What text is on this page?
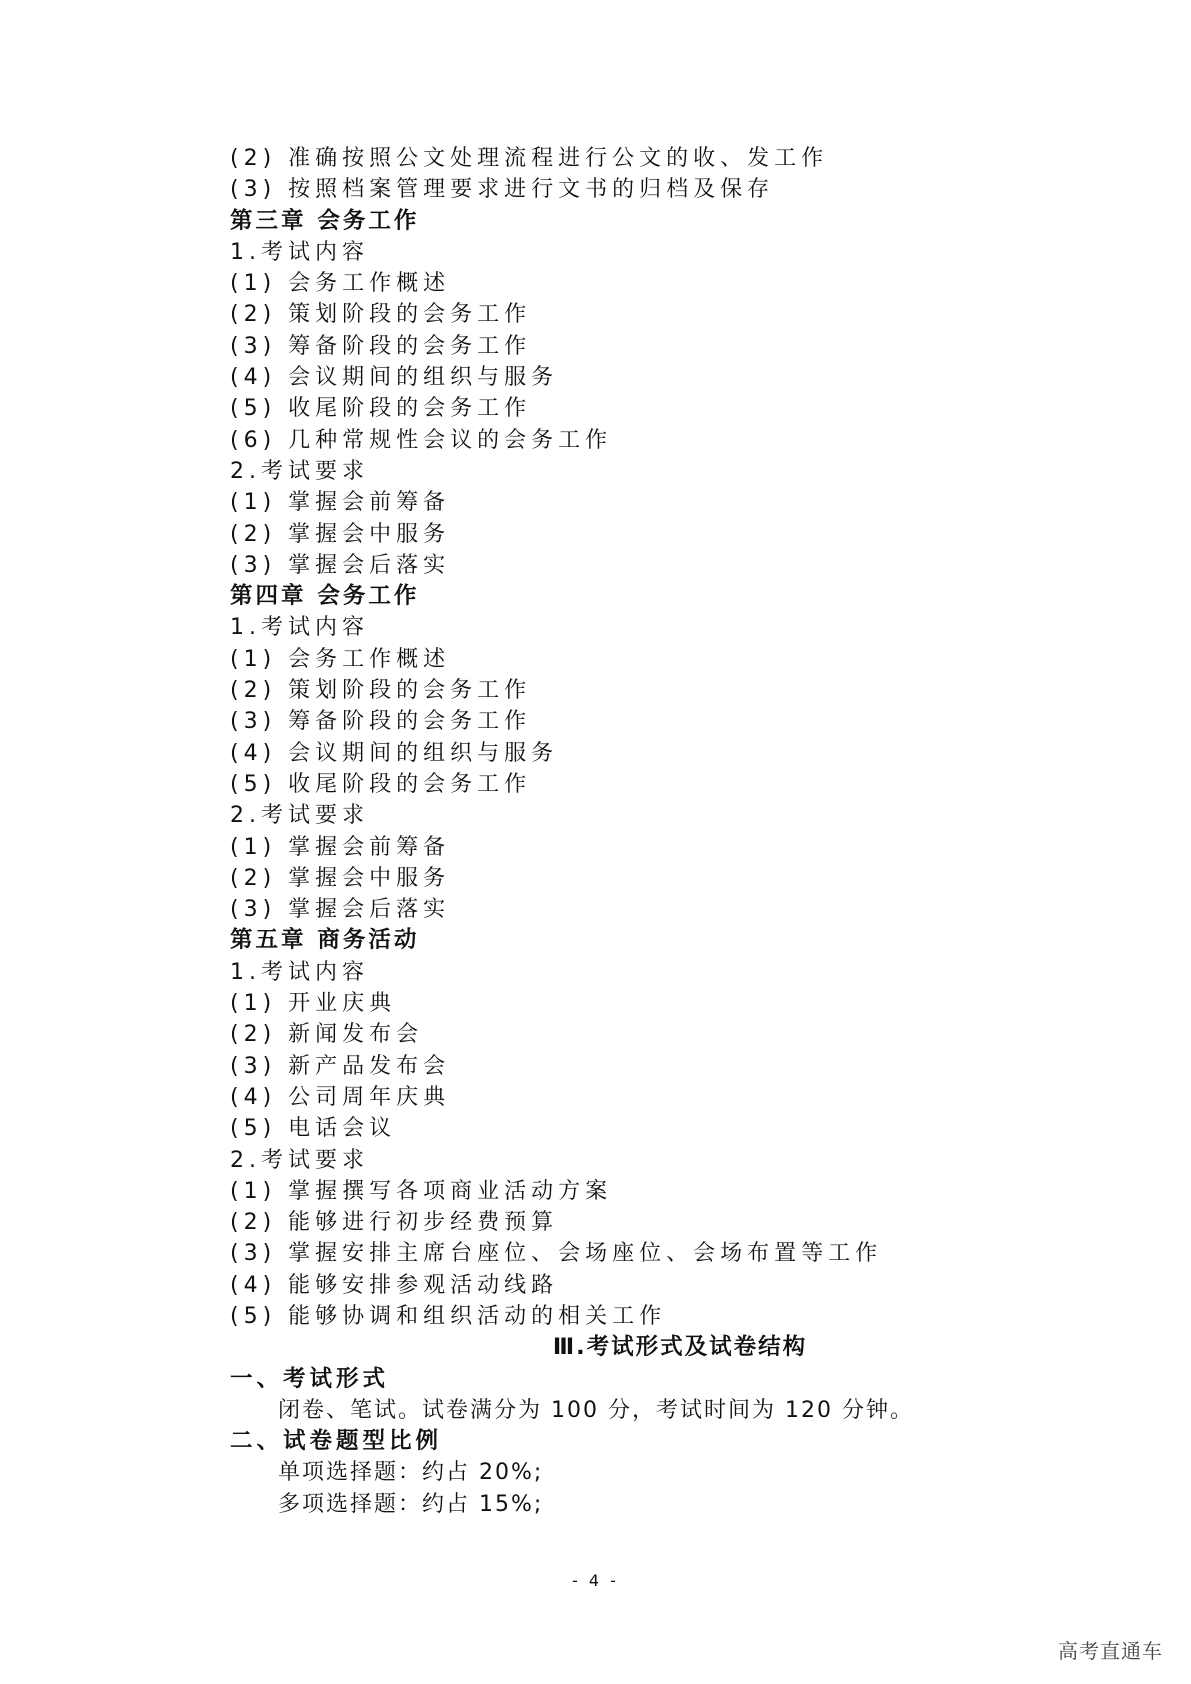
(2) 准确按照公文处理流程进行公文的收、发工作
(3) 按照档案管理要求进行文书的归档及保存
第三章 会务工作
1.考试内容
(1) 会务工作概述
(2) 策划阶段的会务工作
(3) 筹备阶段的会务工作
(4) 会议期间的组织与服务
(5) 收尾阶段的会务工作
(6) 几种常规性会议的会务工作
2.考试要求
(1) 掌握会前筹备
(2) 掌握会中服务
(3) 掌握会后落实
第四章 会务工作
1.考试内容
(1) 会务工作概述
(2) 策划阶段的会务工作
(3) 筹备阶段的会务工作
(4) 会议期间的组织与服务
(5) 收尾阶段的会务工作
2.考试要求
(1) 掌握会前筹备
(2) 掌握会中服务
(3) 掌握会后落实
第五章 商务活动
1.考试内容
(1) 开业庆典
(2) 新闻发布会
(3) 新产品发布会
(4) 公司周年庆典
(5) 电话会议
2.考试要求
(1) 掌握撰写各项商业活动方案
(2) 能够进行初步经费预算
(3) 掌握安排主席台座位、会场座位、会场布置等工作
(4) 能够安排参观活动线路
(5) 能够协调和组织活动的相关工作
Ⅲ.考试形式及试卷结构
一、考试形式
闭卷、笔试。试卷满分为 100 分，考试时间为 120 分钟。
二、试卷题型比例
单项选择题：约占 20%;
多项选择题：约占 15%;
- 4 -
高考直通车
